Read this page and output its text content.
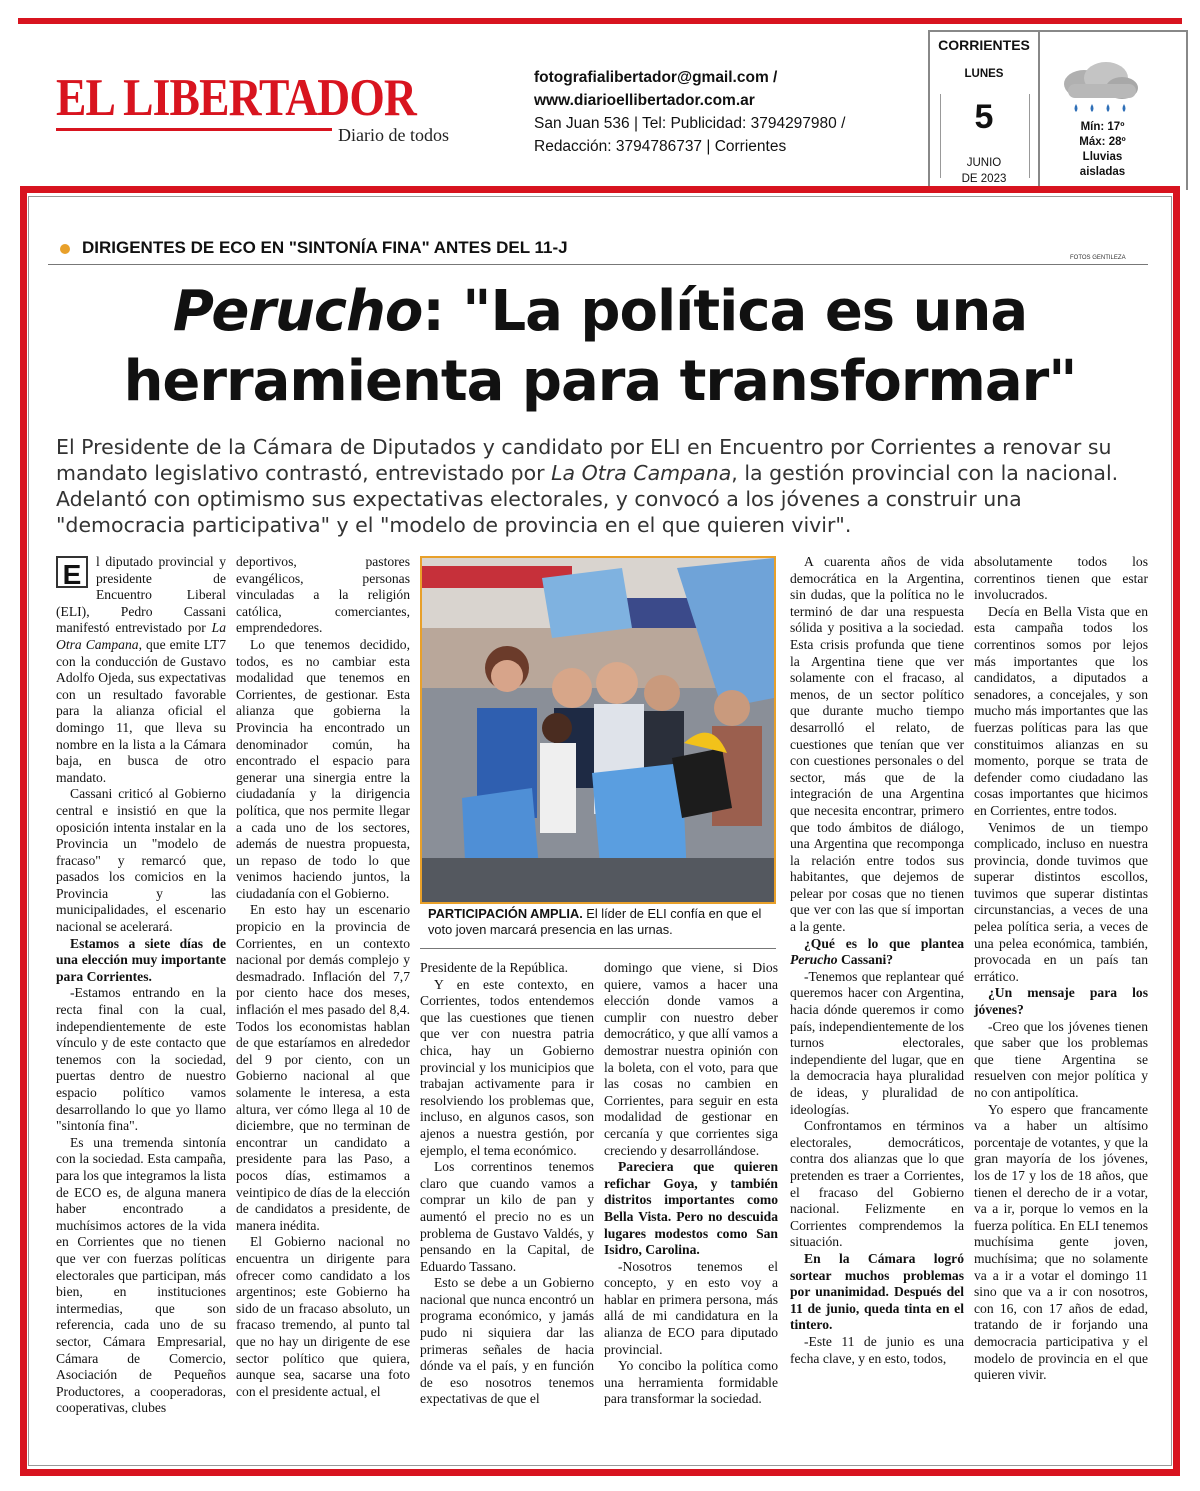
EL LIBERTADOR
Diario de todos
fotografialibertador@gmail.com /
www.diarioellibertador.com.ar
San Juan 536 | Tel: Publicidad: 3794297980 /
Redacción: 3794786737 | Corrientes
CORRIENTES
LUNES
5
JUNIO
DE 2023
Mín: 17º
Máx: 28º
Lluvias
aisladas
DIRIGENTES DE ECO EN "SINTONÍA FINA" ANTES DEL 11-J
FOTOS GENTILEZA
Perucho: "La política es una
herramienta para transformar"
El Presidente de la Cámara de Diputados y candidato por ELI en Encuentro por Corrientes a renovar su mandato legislativo contrastó, entrevistado por La Otra Campana, la gestión provincial con la nacional. Adelantó con optimismo sus expectativas electorales, y convocó a los jóvenes a construir una "democracia participativa" y el "modelo de provincia en el que quieren vivir".

E	l diputado provincial y presidente de Encuentro Liberal (ELI), Pedro Cassani manifestó entrevistado por La Otra Campana, que emite LT7 con la conducción de Gustavo Adolfo Ojeda, sus expectativas con un resultado favorable para la alianza oficial el domingo 11, que lleva su nombre en la lista a la Cámara baja, en busca de otro mandato.

Cassani criticó al Gobierno central e insistió en que la oposición intenta instalar en la Provincia un "modelo de fracaso" y remarcó que, pasados los comicios en la Provincia y las municipalidades, el escenario nacional se acelerará.

Estamos a siete días de una elección muy importante para Corrientes.

-Estamos entrando en la recta final con la cual, independientemente de este vínculo y de este contacto que tenemos con la sociedad, puertas dentro de nuestro espacio político vamos desarrollando lo que yo llamo "sintonía fina".

Es una tremenda sintonía con la sociedad. Esta campaña, para los que integramos la lista de ECO es, de alguna manera haber encontrado a muchísimos actores de la vida en Corrientes que no tienen que ver con fuerzas políticas electorales que participan, más bien, en instituciones intermedias, que son referencia, cada uno de su sector, Cámara Empresarial, Cámara de Comercio, Asociación de Pequeños Productores, a cooperadoras, cooperativas, clubes

deportivos, pastores evangélicos, personas vinculadas a la religión católica, comerciantes, emprendedores.

Lo que tenemos decidido, todos, es no cambiar esta modalidad que tenemos en Corrientes, de gestionar. Esta alianza que gobierna la Provincia ha encontrado un denominador común, ha encontrado el espacio para generar una sinergia entre la ciudadanía y la dirigencia política, que nos permite llegar a cada uno de los sectores, además de nuestra propuesta, un repaso de todo lo que venimos haciendo juntos, la ciudadanía con el Gobierno.

En esto hay un escenario propicio en la provincia de Corrientes, en un contexto nacional por demás complejo y desmadrado. Inflación del 7,7 por ciento hace dos meses, inflación el mes pasado del 8,4. Todos los economistas hablan de que estaríamos en alrededor del 9 por ciento, con un Gobierno nacional al que solamente le interesa, a esta altura, ver cómo llega al 10 de diciembre, que no terminan de encontrar un candidato a presidente para las Paso, a pocos días, estimamos a veintipico de días de la elección de candidatos a presidente, de manera inédita.

El Gobierno nacional no encuentra un dirigente para ofrecer como candidato a los argentinos; este Gobierno ha sido de un fracaso absoluto, un fracaso tremendo, al punto tal que no hay un dirigente de ese sector político que quiera, aunque sea, sacarse una foto con el presidente actual, el

PARTICIPACIÓN AMPLIA. El líder de ELI confía en que el voto joven marcará presencia en las urnas.

Presidente de la República.

Y en este contexto, en Corrientes, todos entendemos que las cuestiones que tienen que ver con nuestra patria chica, hay un Gobierno provincial y los municipios que trabajan activamente para ir resolviendo los problemas que, incluso, en algunos casos, son ajenos a nuestra gestión, por ejemplo, el tema económico.

Los correntinos tenemos claro que cuando vamos a comprar un kilo de pan y aumentó el precio no es un problema de Gustavo Valdés, y pensando en la Capital, de Eduardo Tassano.

Esto se debe a un Gobierno nacional que nunca encontró un programa económico, y jamás pudo ni siquiera dar las primeras señales de hacia dónde va el país, y en función de eso nosotros tenemos expectativas de que el

domingo que viene, si Dios quiere, vamos a hacer una elección donde vamos a cumplir con nuestro deber democrático, y que allí vamos a demostrar nuestra opinión con la boleta, con el voto, para que las cosas no cambien en Corrientes, para seguir en esta modalidad de gestionar en cercanía y que corrientes siga creciendo y desarrollándose.

Pareciera que quieren refichar Goya, y también distritos importantes como Bella Vista. Pero no descuida lugares modestos como San Isidro, Carolina.

-Nosotros tenemos el concepto, y en esto voy a hablar en primera persona, más allá de mi candidatura en la alianza de ECO para diputado provincial.

Yo concibo la política como una herramienta formidable para transformar la sociedad.

A cuarenta años de vida democrática en la Argentina, sin dudas, que la política no le terminó de dar una respuesta sólida y positiva a la sociedad. Esta crisis profunda que tiene la Argentina tiene que ver solamente con el fracaso, al menos, de un sector político que durante mucho tiempo desarrolló el relato, de cuestiones que tenían que ver con cuestiones personales o del sector, más que de la integración de una Argentina que necesita encontrar, primero que todo ámbitos de diálogo, una Argentina que recomponga la relación entre todos sus habitantes, que dejemos de pelear por cosas que no tienen que ver con las que sí importan a la gente.

¿Qué es lo que plantea Perucho Cassani?

-Tenemos que replantear qué queremos hacer con Argentina, hacia dónde queremos ir como país, independientemente de los turnos electorales, independiente del lugar, que en la democracia haya pluralidad de ideas, y pluralidad de ideologías.

Confrontamos en términos electorales, democráticos, contra dos alianzas que lo que pretenden es traer a Corrientes, el fracaso del Gobierno nacional. Felizmente en Corrientes comprendemos la situación.

En la Cámara logró sortear muchos problemas por unanimidad. Después del 11 de junio, queda tinta en el tintero.

-Este 11 de junio es una fecha clave, y en esto, todos,

absolutamente todos los correntinos tienen que estar involucrados.

Decía en Bella Vista que en esta campaña todos los correntinos somos por lejos más importantes que los candidatos, a diputados a senadores, a concejales, y son mucho más importantes que las fuerzas políticas para las que constituimos alianzas en su momento, porque se trata de defender como ciudadano las cosas importantes que hicimos en Corrientes, entre todos.

Venimos de un tiempo complicado, incluso en nuestra provincia, donde tuvimos que superar distintos escollos, tuvimos que superar distintas circunstancias, a veces de una pelea política seria, a veces de una pelea económica, también, provocada en un país tan errático.

¿Un mensaje para los jóvenes?

-Creo que los jóvenes tienen que saber que los problemas que tiene Argentina se resuelven con mejor política y no con antipolítica.

Yo espero que francamente va a haber un altísimo porcentaje de votantes, y que la gran mayoría de los jóvenes, los de 17 y los de 18 años, que tienen el derecho de ir a votar, va a ir, porque lo vemos en la fuerza política. En ELI tenemos muchísima gente joven, muchísima; que no solamente va a ir a votar el domingo 11 sino que va a ir con nosotros, con 16, con 17 años de edad, tratando de ir forjando una democracia participativa y el modelo de provincia en el que quieren vivir.
